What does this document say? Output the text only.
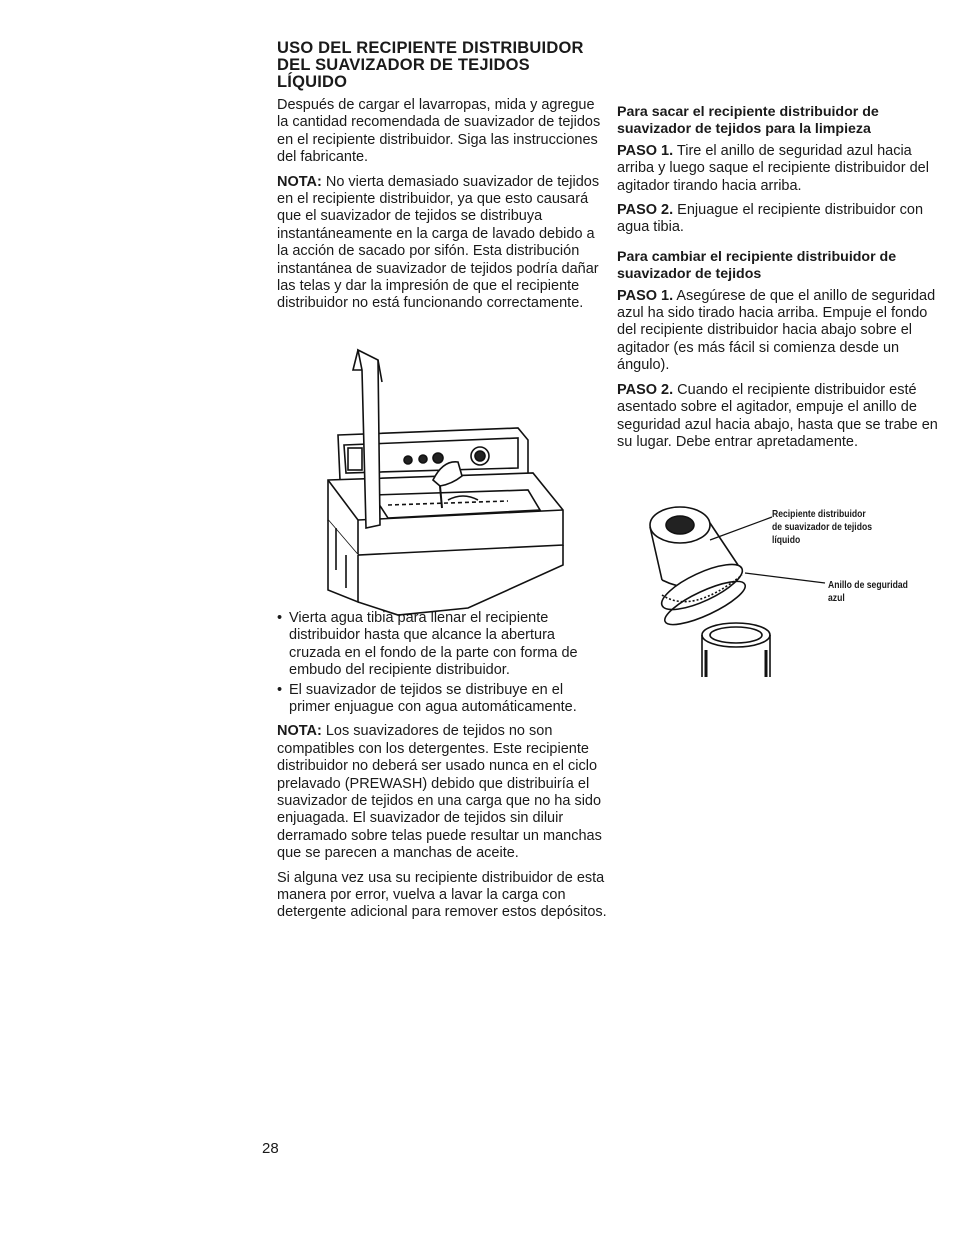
USO DEL RECIPIENTE DISTRIBUIDOR
DEL SUAVIZADOR DE TEJIDOS
LÍQUIDO

Después de cargar el lavarropas, mida y agregue la cantidad recomendada de suavizador de tejidos en el recipiente distribuidor. Siga las instrucciones del fabricante.

NOTA: No vierta demasiado suavizador de tejidos en el recipiente distribuidor, ya que esto causará que el suavizador de tejidos se distribuya instantáneamente en la carga de lavado debido a la acción de sacado por sifón. Esta distribución instantánea de suavizador de tejidos podría dañar las telas y dar la impresión de que el recipiente distribuidor no está funcionando correctamente.

• Vierta agua tibia para llenar el recipiente distribuidor hasta que alcance la abertura cruzada en el fondo de la parte con forma de embudo del recipiente distribuidor.
• El suavizador de tejidos se distribuye en el primer enjuague con agua automáticamente.

NOTA: Los suavizadores de tejidos no son compatibles con los detergentes. Este recipiente distribuidor no deberá ser usado nunca en el ciclo prelavado (PREWASH) debido que distribuiría el suavizador de tejidos en una carga que no ha sido enjuagada. El suavizador de tejidos sin diluir derramado sobre telas puede resultar un manchas que se parecen a manchas de aceite.

Si alguna vez usa su recipiente distribuidor de esta manera por error, vuelva a lavar la carga con detergente adicional para remover estos depósitos.

Para sacar el recipiente distribuidor de suavizador de tejidos para la limpieza

PASO 1. Tire el anillo de seguridad azul hacia arriba y luego saque el recipiente distribuidor del agitador tirando hacia arriba.

PASO 2. Enjuague el recipiente distribuidor con agua tibia.

Para cambiar el recipiente distribuidor de suavizador de tejidos

PASO 1. Asegúrese de que el anillo de seguridad azul ha sido tirado hacia arriba. Empuje el fondo del recipiente distribuidor hacia abajo sobre el agitador (es más fácil si comienza desde un ángulo).

PASO 2. Cuando el recipiente distribuidor esté asentado sobre el agitador, empuje el anillo de seguridad azul hacia abajo, hasta que se trabe en su lugar. Debe entrar apretadamente.

Recipiente distribuidor
de suavizador de tejidos
líquido
Anillo de seguridad
azul
28
